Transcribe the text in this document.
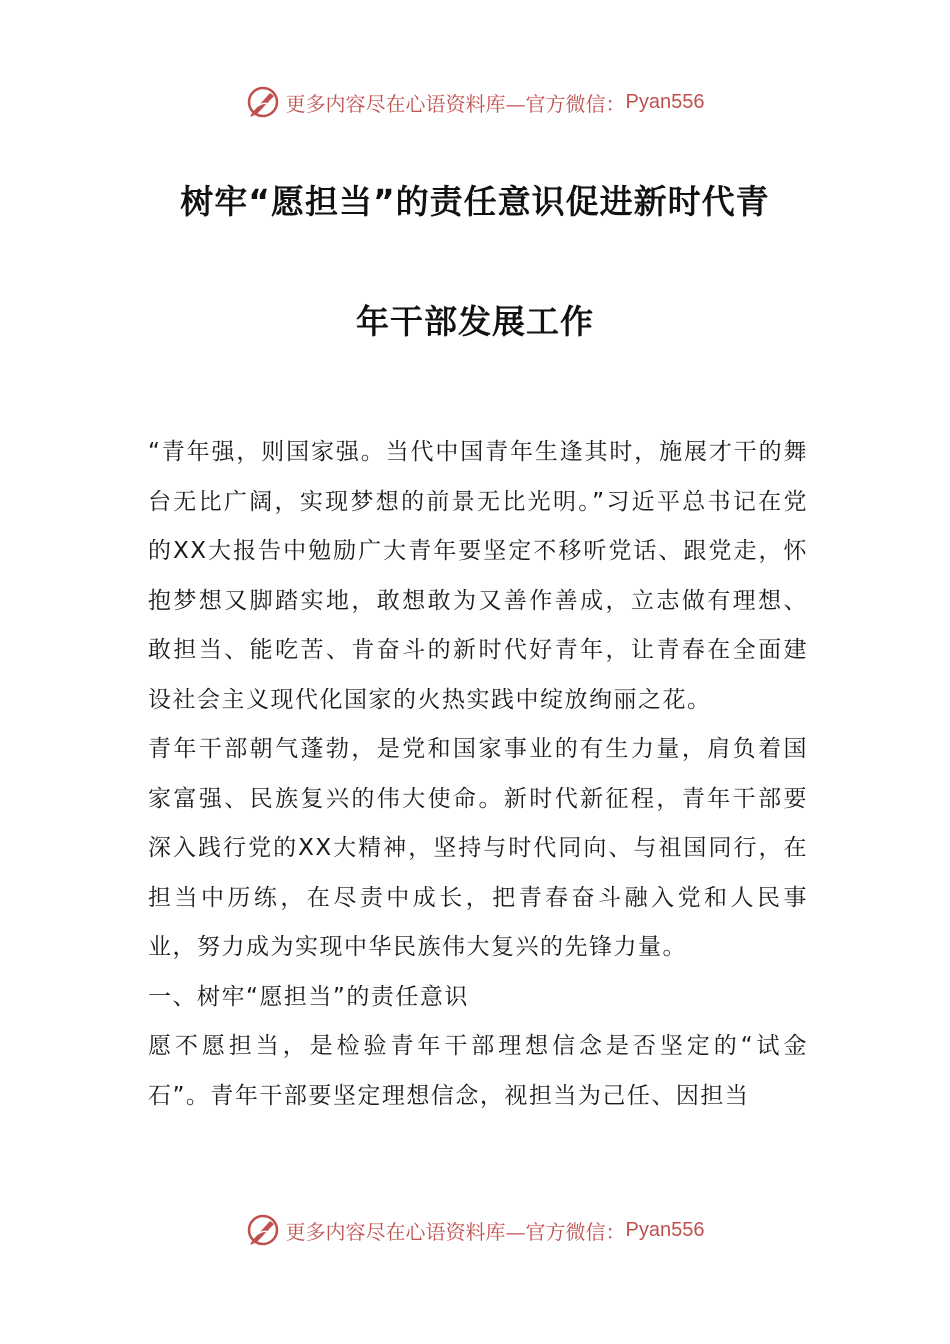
更多内容尽在心语资料库—官方微信： Pyan556
树牢“愿担当”的责任意识促进新时代青
年干部发展工作

“青年强，则国家强。当代中国青年生逢其时，施展才干的舞台无比广阔，实现梦想的前景无比光明。”习近平总书记在党的XX大报告中勉励广大青年要坚定不移听党话、跟党走，怀抱梦想又脚踏实地，敢想敢为又善作善成，立志做有理想、敢担当、能吃苦、肯奋斗的新时代好青年，让青春在全面建设社会主义现代化国家的火热实践中绽放绚丽之花。

青年干部朝气蓬勃，是党和国家事业的有生力量，肩负着国家富强、民族复兴的伟大使命。新时代新征程，青年干部要深入践行党的XX大精神，坚持与时代同向、与祖国同行，在担当中历练，在尽责中成长，把青春奋斗融入党和人民事业，努力成为实现中华民族伟大复兴的先锋力量。

一、树牢“愿担当”的责任意识

愿不愿担当，是检验青年干部理想信念是否坚定的“试金石”。青年干部要坚定理想信念，视担当为己任、因担当

更多内容尽在心语资料库—官方微信： Pyan556
